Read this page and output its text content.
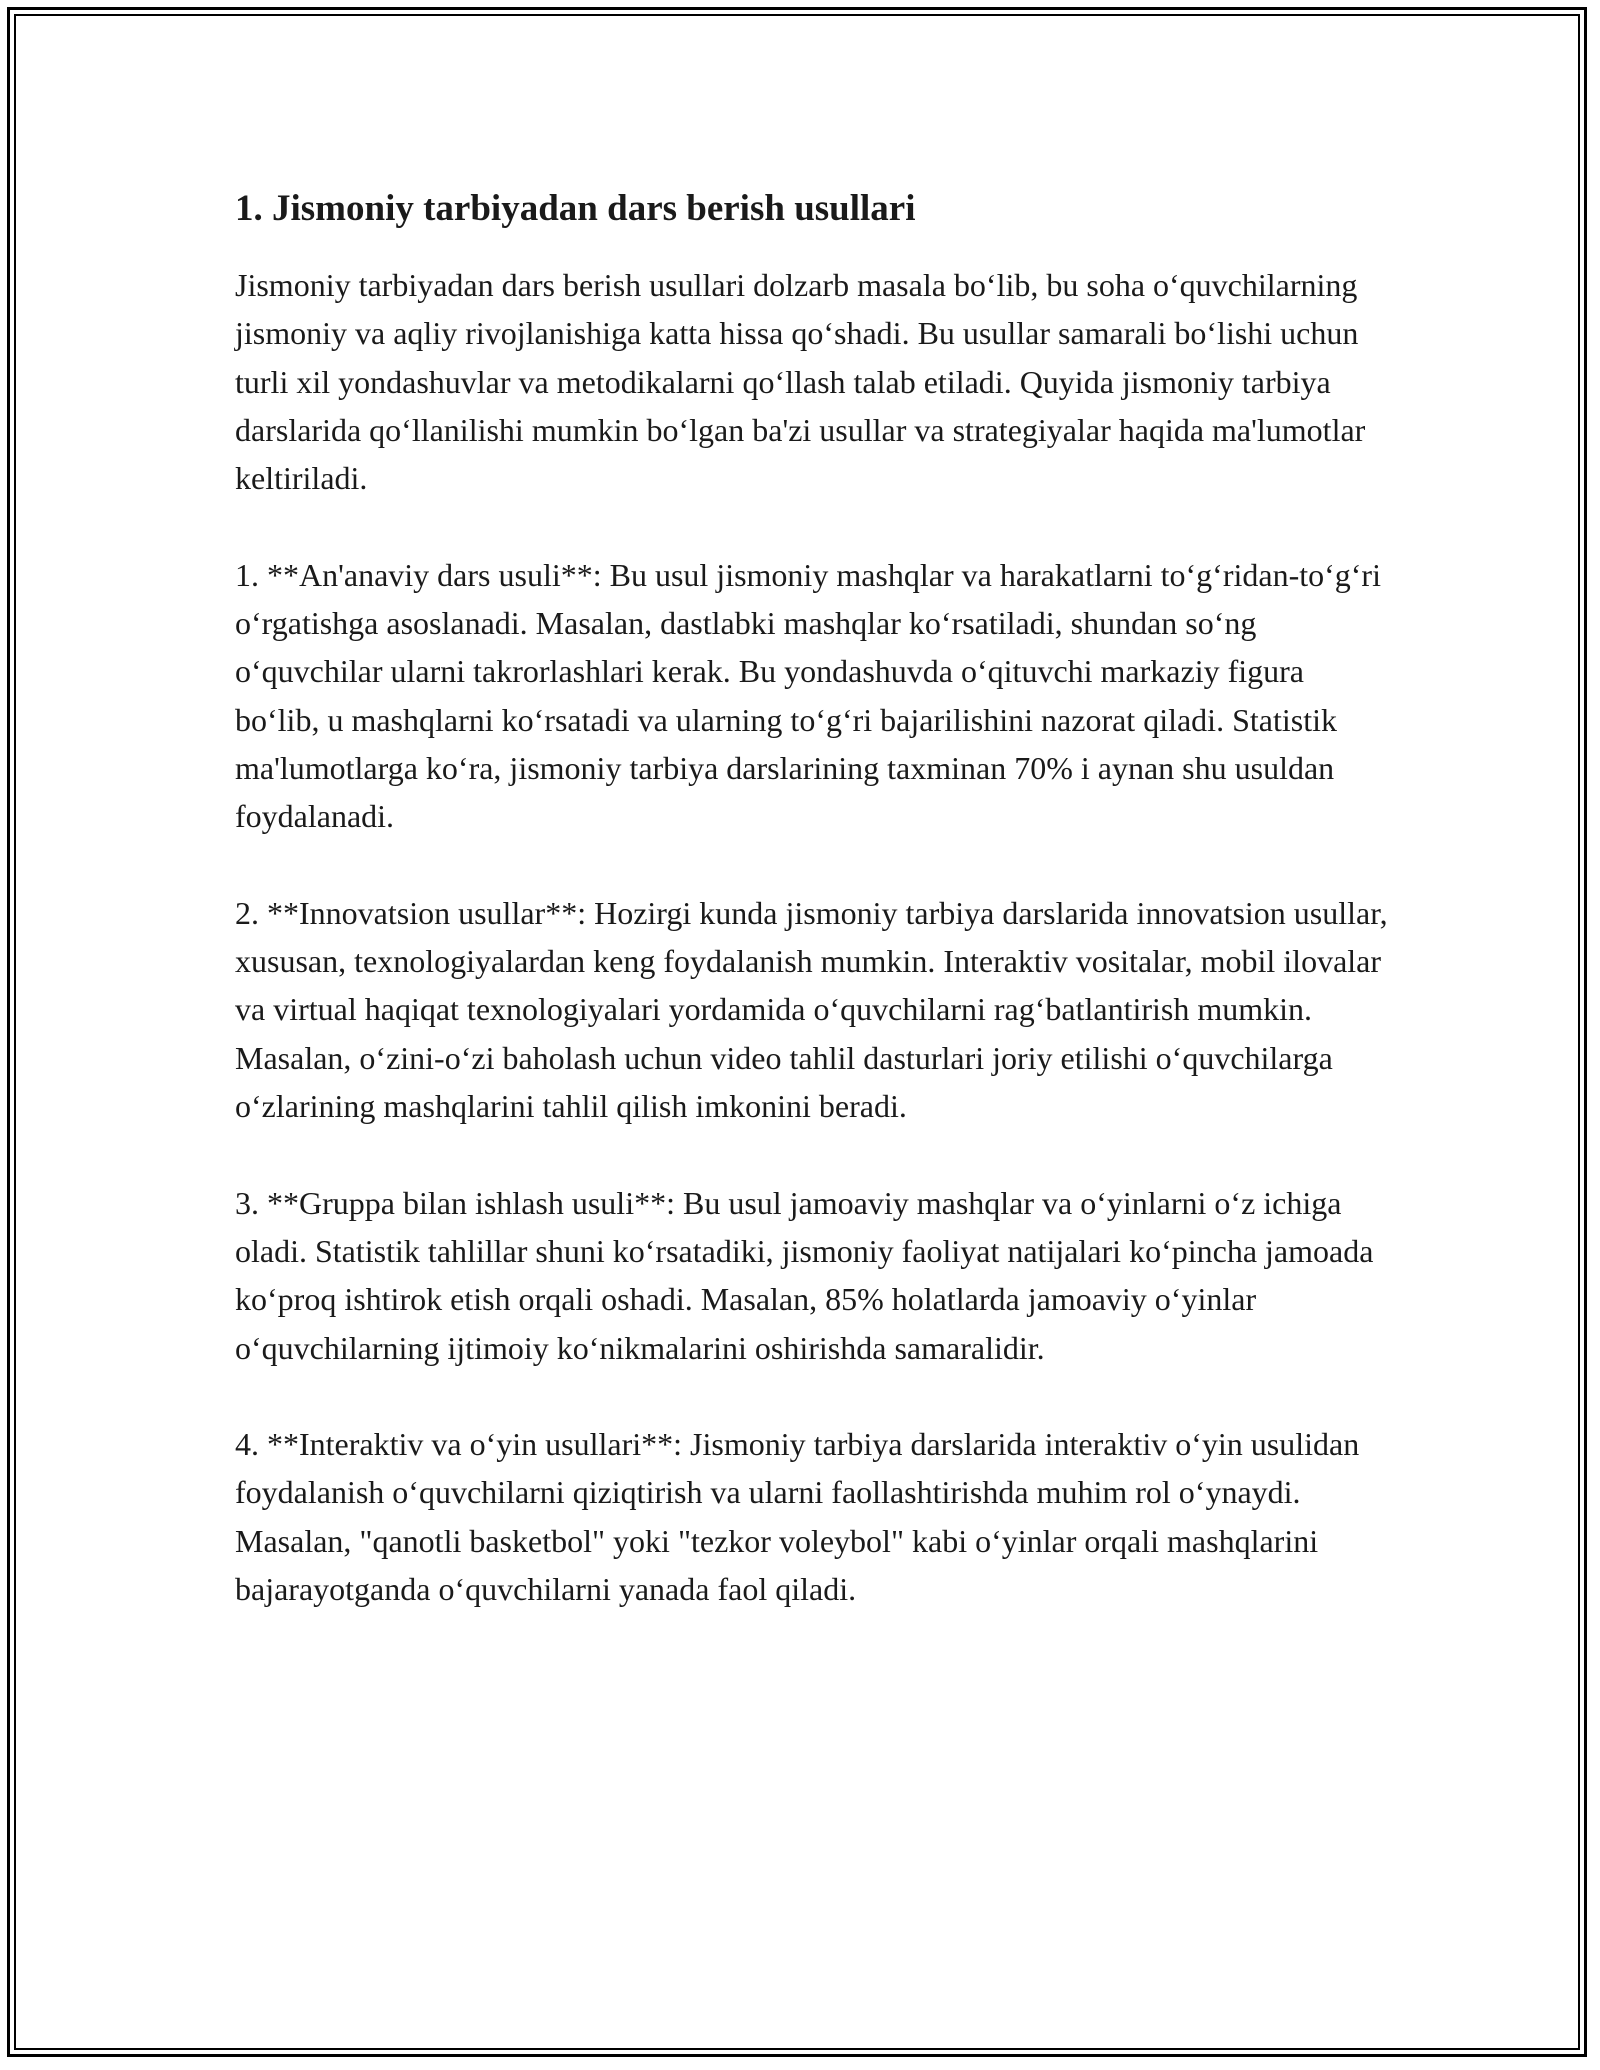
1. Jismoniy tarbiyadan dars berish usullari

Jismoniy tarbiyadan dars berish usullari dolzarb masala bo‘lib, bu soha o‘quvchilarning jismoniy va aqliy rivojlanishiga katta hissa qo‘shadi. Bu usullar samarali bo‘lishi uchun turli xil yondashuvlar va metodikalarni qo‘llash talab etiladi. Quyida jismoniy tarbiya darslarida qo‘llanilishi mumkin bo‘lgan ba'zi usullar va strategiyalar haqida ma'lumotlar keltiriladi.

1. **An'anaviy dars usuli**: Bu usul jismoniy mashqlar va harakatlarni to‘g‘ridan-to‘g‘ri o‘rgatishga asoslanadi. Masalan, dastlabki mashqlar ko‘rsatiladi, shundan so‘ng o‘quvchilar ularni takrorlashlari kerak. Bu yondashuvda o‘qituvchi markaziy figura bo‘lib, u mashqlarni ko‘rsatadi va ularning to‘g‘ri bajarilishini nazorat qiladi. Statistik ma'lumotlarga ko‘ra, jismoniy tarbiya darslarining taxminan 70% i aynan shu usuldan foydalanadi.

2. **Innovatsion usullar**: Hozirgi kunda jismoniy tarbiya darslarida innovatsion usullar, xususan, texnologiyalardan keng foydalanish mumkin. Interaktiv vositalar, mobil ilovalar va virtual haqiqat texnologiyalari yordamida o‘quvchilarni rag‘batlantirish mumkin. Masalan, o‘zini-o‘zi baholash uchun video tahlil dasturlari joriy etilishi o‘quvchilarga o‘zlarining mashqlarini tahlil qilish imkonini beradi.

3. **Gruppa bilan ishlash usuli**: Bu usul jamoaviy mashqlar va o‘yinlarni o‘z ichiga oladi. Statistik tahlillar shuni ko‘rsatadiki, jismoniy faoliyat natijalari ko‘pincha jamoada ko‘proq ishtirok etish orqali oshadi. Masalan, 85% holatlarda jamoaviy o‘yinlar o‘quvchilarning ijtimoiy ko‘nikmalarini oshirishda samaralidir.

4. **Interaktiv va o‘yin usullari**: Jismoniy tarbiya darslarida interaktiv o‘yin usulidan foydalanish o‘quvchilarni qiziqtirish va ularni faollashtirishda muhim rol o‘ynaydi. Masalan, "qanotli basketbol" yoki "tezkor voleybol" kabi o‘yinlar orqali mashqlarini bajarayotganda o‘quvchilarni yanada faol qiladi.
